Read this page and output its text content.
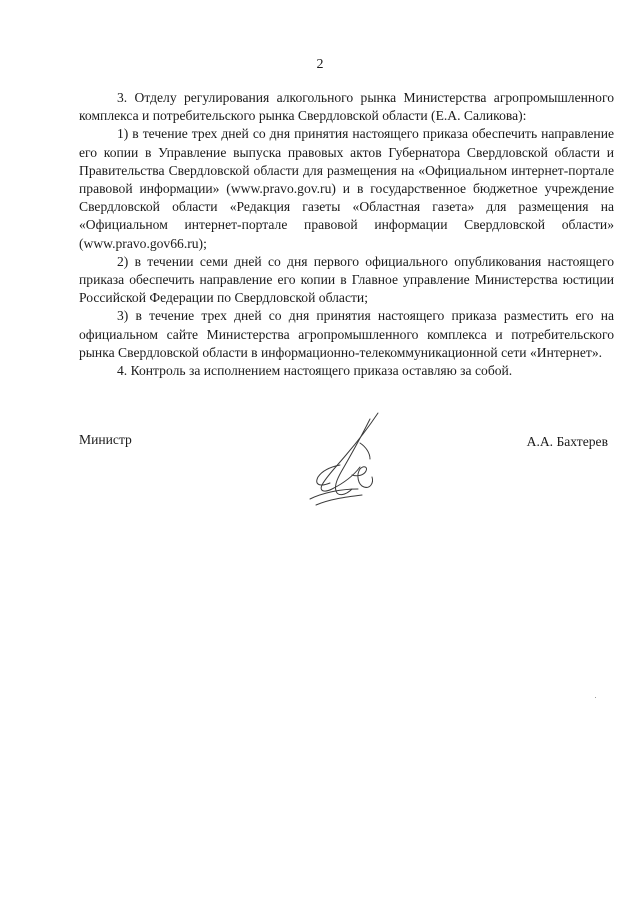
2

3. Отделу регулирования алкогольного рынка Министерства агропромышленного комплекса и потребительского рынка Свердловской области (Е.А. Саликова):

1) в течение трех дней со дня принятия настоящего приказа обеспечить направление его копии в Управление выпуска правовых актов Губернатора Свердловской области и Правительства Свердловской области для размещения на «Официальном интернет-портале правовой информации» (www.pravo.gov.ru) и в государственное бюджетное учреждение Свердловской области «Редакция газеты «Областная газета» для размещения на «Официальном интернет-портале правовой информации Свердловской области» (www.pravo.gov66.ru);

2) в течении семи дней со дня первого официального опубликования настоящего приказа обеспечить направление его копии в Главное управление Министерства юстиции Российской Федерации по Свердловской области;

3) в течение трех дней со дня принятия настоящего приказа разместить его на официальном сайте Министерства агропромышленного комплекса и потребительского рынка Свердловской области в информационно-телекоммуникационной сети «Интернет».

4. Контроль за исполнением настоящего приказа оставляю за собой.

Министр	А.А. Бахтерев
